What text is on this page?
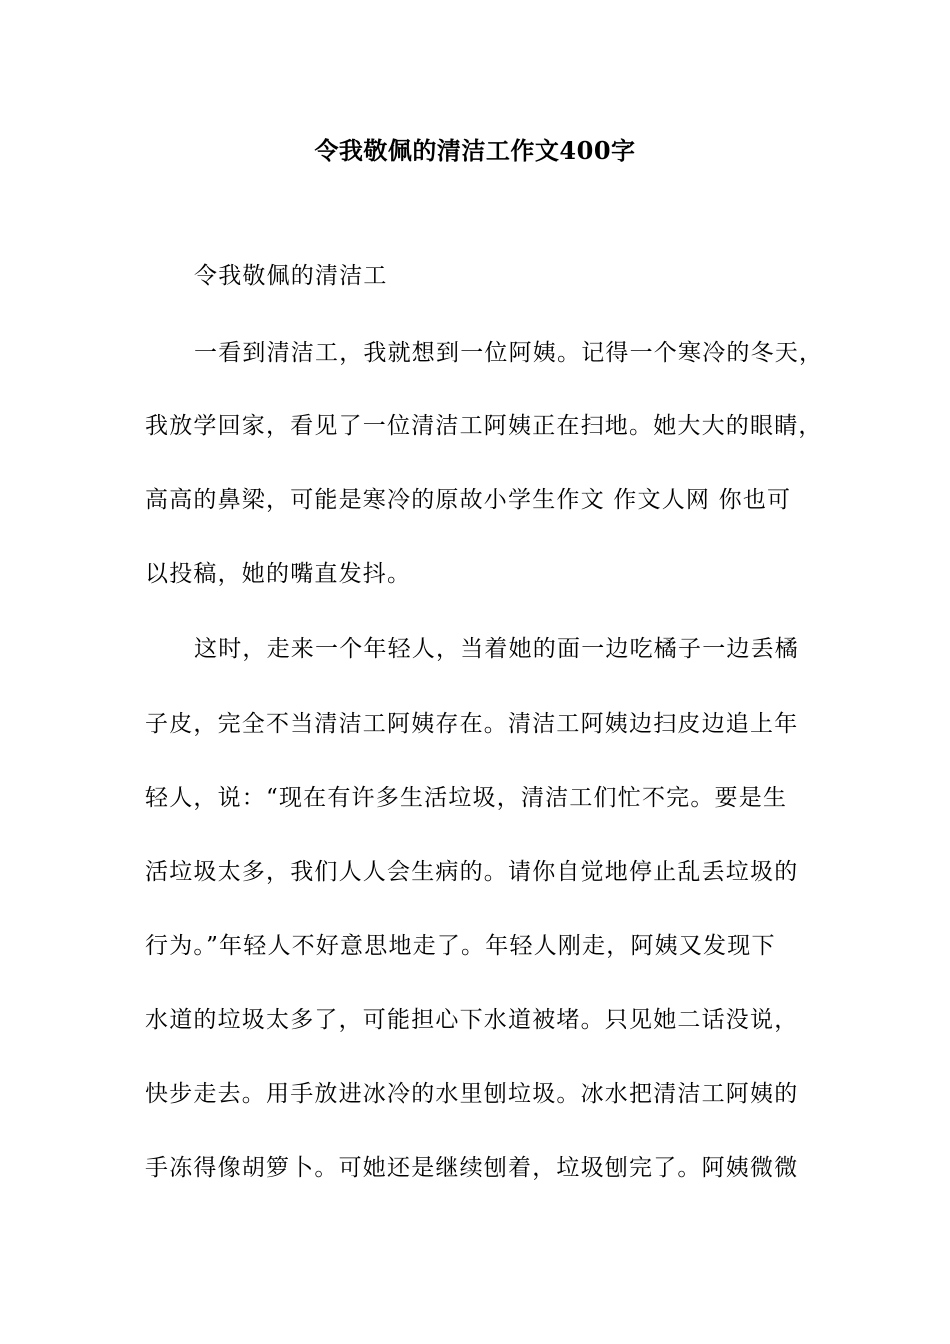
令我敬佩的清洁工作文400字
令我敬佩的清洁工
一看到清洁工，我就想到一位阿姨。记得一个寒冷的冬天，
我放学回家，看见了一位清洁工阿姨正在扫地。她大大的眼睛，
高高的鼻梁，可能是寒冷的原故小学生作文 作文人网 你也可
以投稿，她的嘴直发抖。
这时，走来一个年轻人，当着她的面一边吃橘子一边丢橘
子皮，完全不当清洁工阿姨存在。清洁工阿姨边扫皮边追上年
轻人，说：“现在有许多生活垃圾，清洁工们忙不完。要是生
活垃圾太多，我们人人会生病的。请你自觉地停止乱丢垃圾的
行为。”年轻人不好意思地走了。年轻人刚走，阿姨又发现下
水道的垃圾太多了，可能担心下水道被堵。只见她二话没说，
快步走去。用手放进冰冷的水里刨垃圾。冰水把清洁工阿姨的
手冻得像胡箩卜。可她还是继续刨着，垃圾刨完了。阿姨微微
